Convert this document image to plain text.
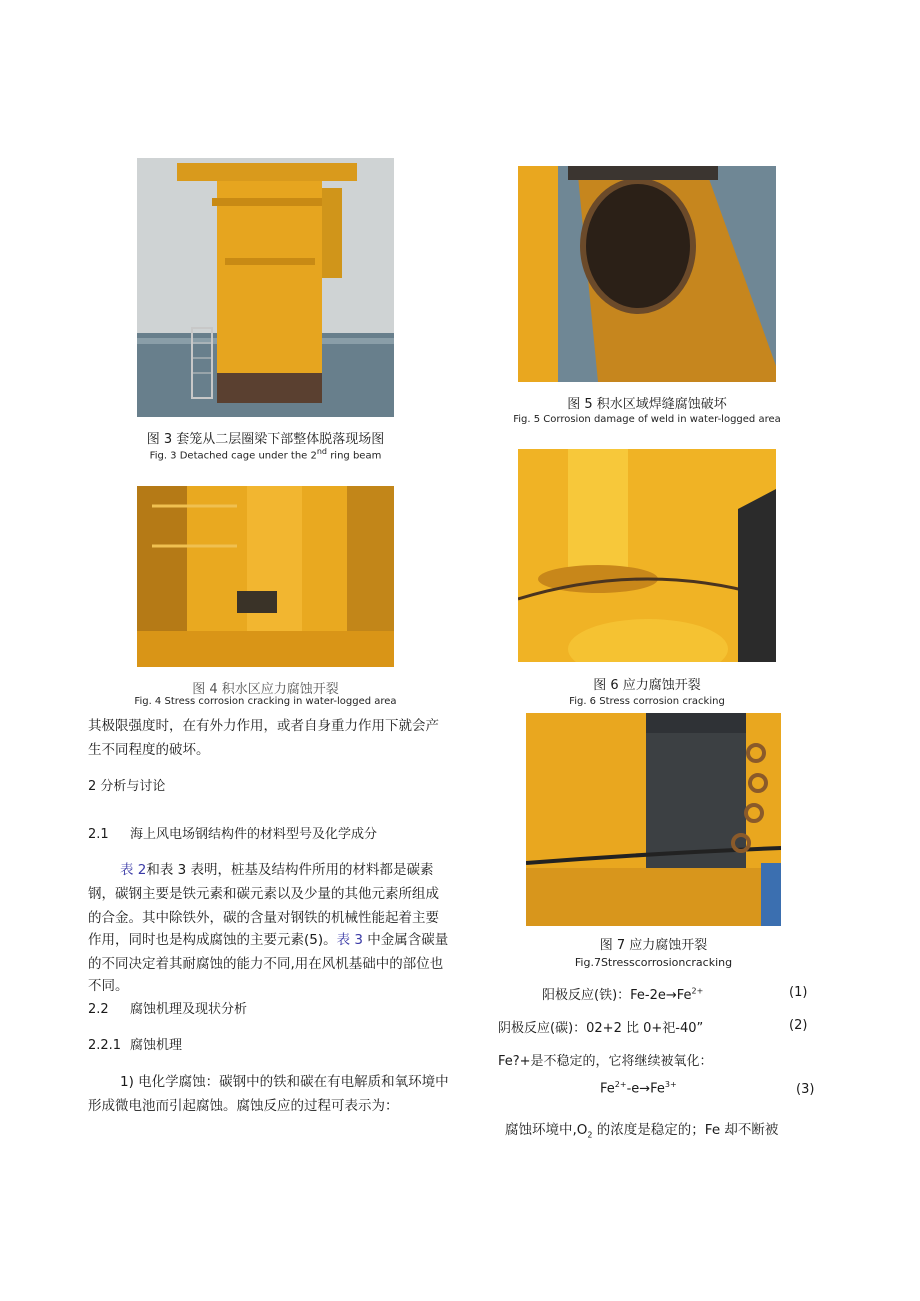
图 3 套笼从二层圈梁下部整体脱落现场图
Fig. 3 Detached cage under the 2nd ring beam
图 4 积水区应力腐蚀开裂
Fig. 4 Stress corrosion cracking in water-logged area
图 5 积水区域焊缝腐蚀破坏
Fig. 5 Corrosion damage of weld in water-logged area
图 6 应力腐蚀开裂
Fig. 6 Stress corrosion cracking
图 7 应力腐蚀开裂
Fig.7Stresscorrosioncracking
其极限强度时，在有外力作用，或者自身重力作用下就会产
生不同程度的破坏。
2 分析与讨论
2.1 海上风电场钢结构件的材料型号及化学成分
表 2和表 3 表明，桩基及结构件所用的材料都是碳素
钢，碳钢主要是铁元素和碳元素以及少量的其他元素所组成
的合金。其中除铁外，碳的含量对钢铁的机械性能起着主要
作用，同时也是构成腐蚀的主要元素(5)。表 3 中金属含碳量
的不同决定着其耐腐蚀的能力不同,用在风机基础中的部位也
不同。
2.2 腐蚀机理及现状分析
2.2.1 腐蚀机理
1) 电化学腐蚀：碳钢中的铁和碳在有电解质和氧环境中
形成微电池而引起腐蚀。腐蚀反应的过程可表示为：
阳极反应(铁)：$Fe-2e\to Fe^{2+}$	(1)
阴极反应(碳)：02+2 比 0+祀-40”	(2)
Fe?+是不稳定的，它将继续被氧化：
$Fe^{2+}-e\to Fe^{3+}$	(3)
腐蚀环境中$,O_2$ 的浓度是稳定的；Fe 却不断被
